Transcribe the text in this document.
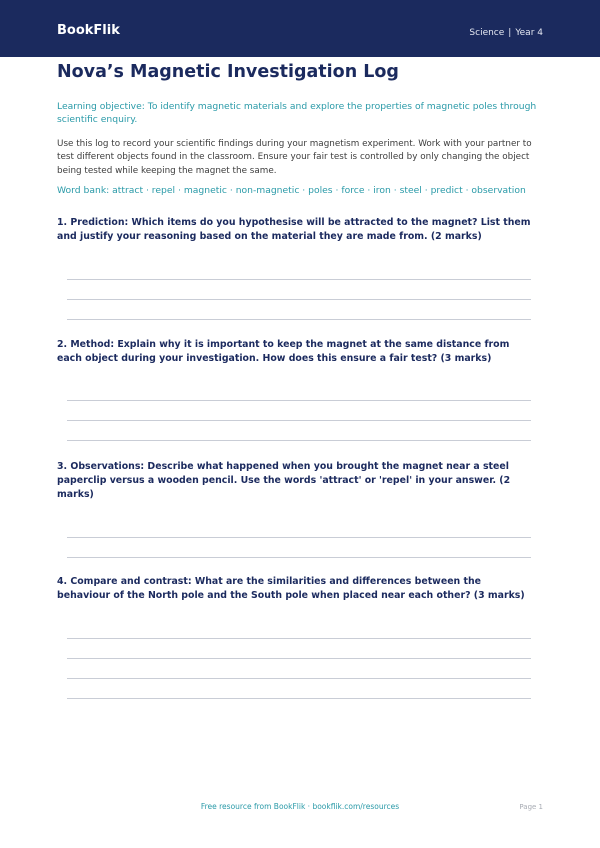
BookFlik	Science | Year 4
Nova’s Magnetic Investigation Log

Learning objective: To identify magnetic materials and explore the properties of magnetic poles through scientific enquiry.

Use this log to record your scientific findings during your magnetism experiment. Work with your partner to test different objects found in the classroom. Ensure your fair test is controlled by only changing the object being tested while keeping the magnet the same.

Word bank: attract · repel · magnetic · non-magnetic · poles · force · iron · steel · predict · observation

1. Prediction: Which items do you hypothesise will be attracted to the magnet? List them and justify your reasoning based on the material they are made from. (2 marks)

2. Method: Explain why it is important to keep the magnet at the same distance from each object during your investigation. How does this ensure a fair test? (3 marks)

3. Observations: Describe what happened when you brought the magnet near a steel paperclip versus a wooden pencil. Use the words 'attract' or 'repel' in your answer. (2 marks)

4. Compare and contrast: What are the similarities and differences between the behaviour of the North pole and the South pole when placed near each other? (3 marks)

Free resource from BookFlik · bookflik.com/resources	Page 1
